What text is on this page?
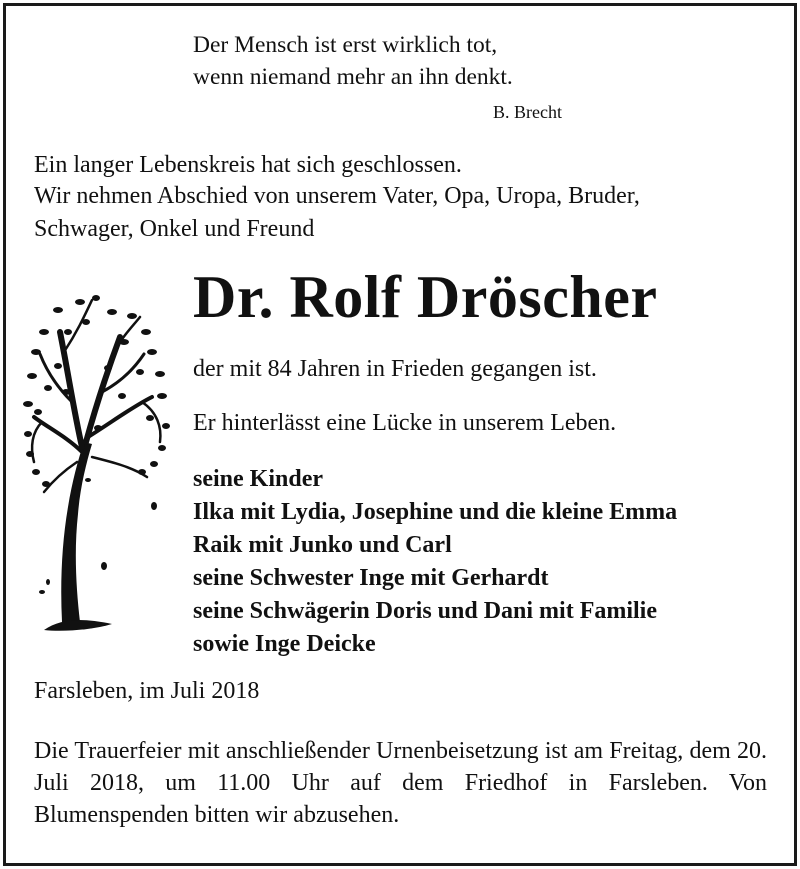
Der Mensch ist erst wirklich tot,

wenn niemand mehr an ihn denkt.

B. Brecht

Ein langer Lebenskreis hat sich geschlossen.

Wir nehmen Abschied von unserem Vater, Opa, Uropa, Bruder,

Schwager, Onkel und Freund

Dr. Rolf Dröscher

der mit 84 Jahren in Frieden gegangen ist.

Er hinterlässt eine Lücke in unserem Leben.

seine Kinder

Ilka mit Lydia, Josephine und die kleine Emma

Raik mit Junko und Carl

seine Schwester Inge mit Gerhardt

seine Schwägerin Doris und Dani mit Familie

sowie Inge Deicke

Farsleben, im Juli 2018

Die Trauerfeier mit anschließender Urnenbeisetzung ist am Freitag, dem 20. Juli 2018, um 11.00 Uhr auf dem Friedhof in Farsleben. Von Blumenspenden bitten wir abzusehen.
